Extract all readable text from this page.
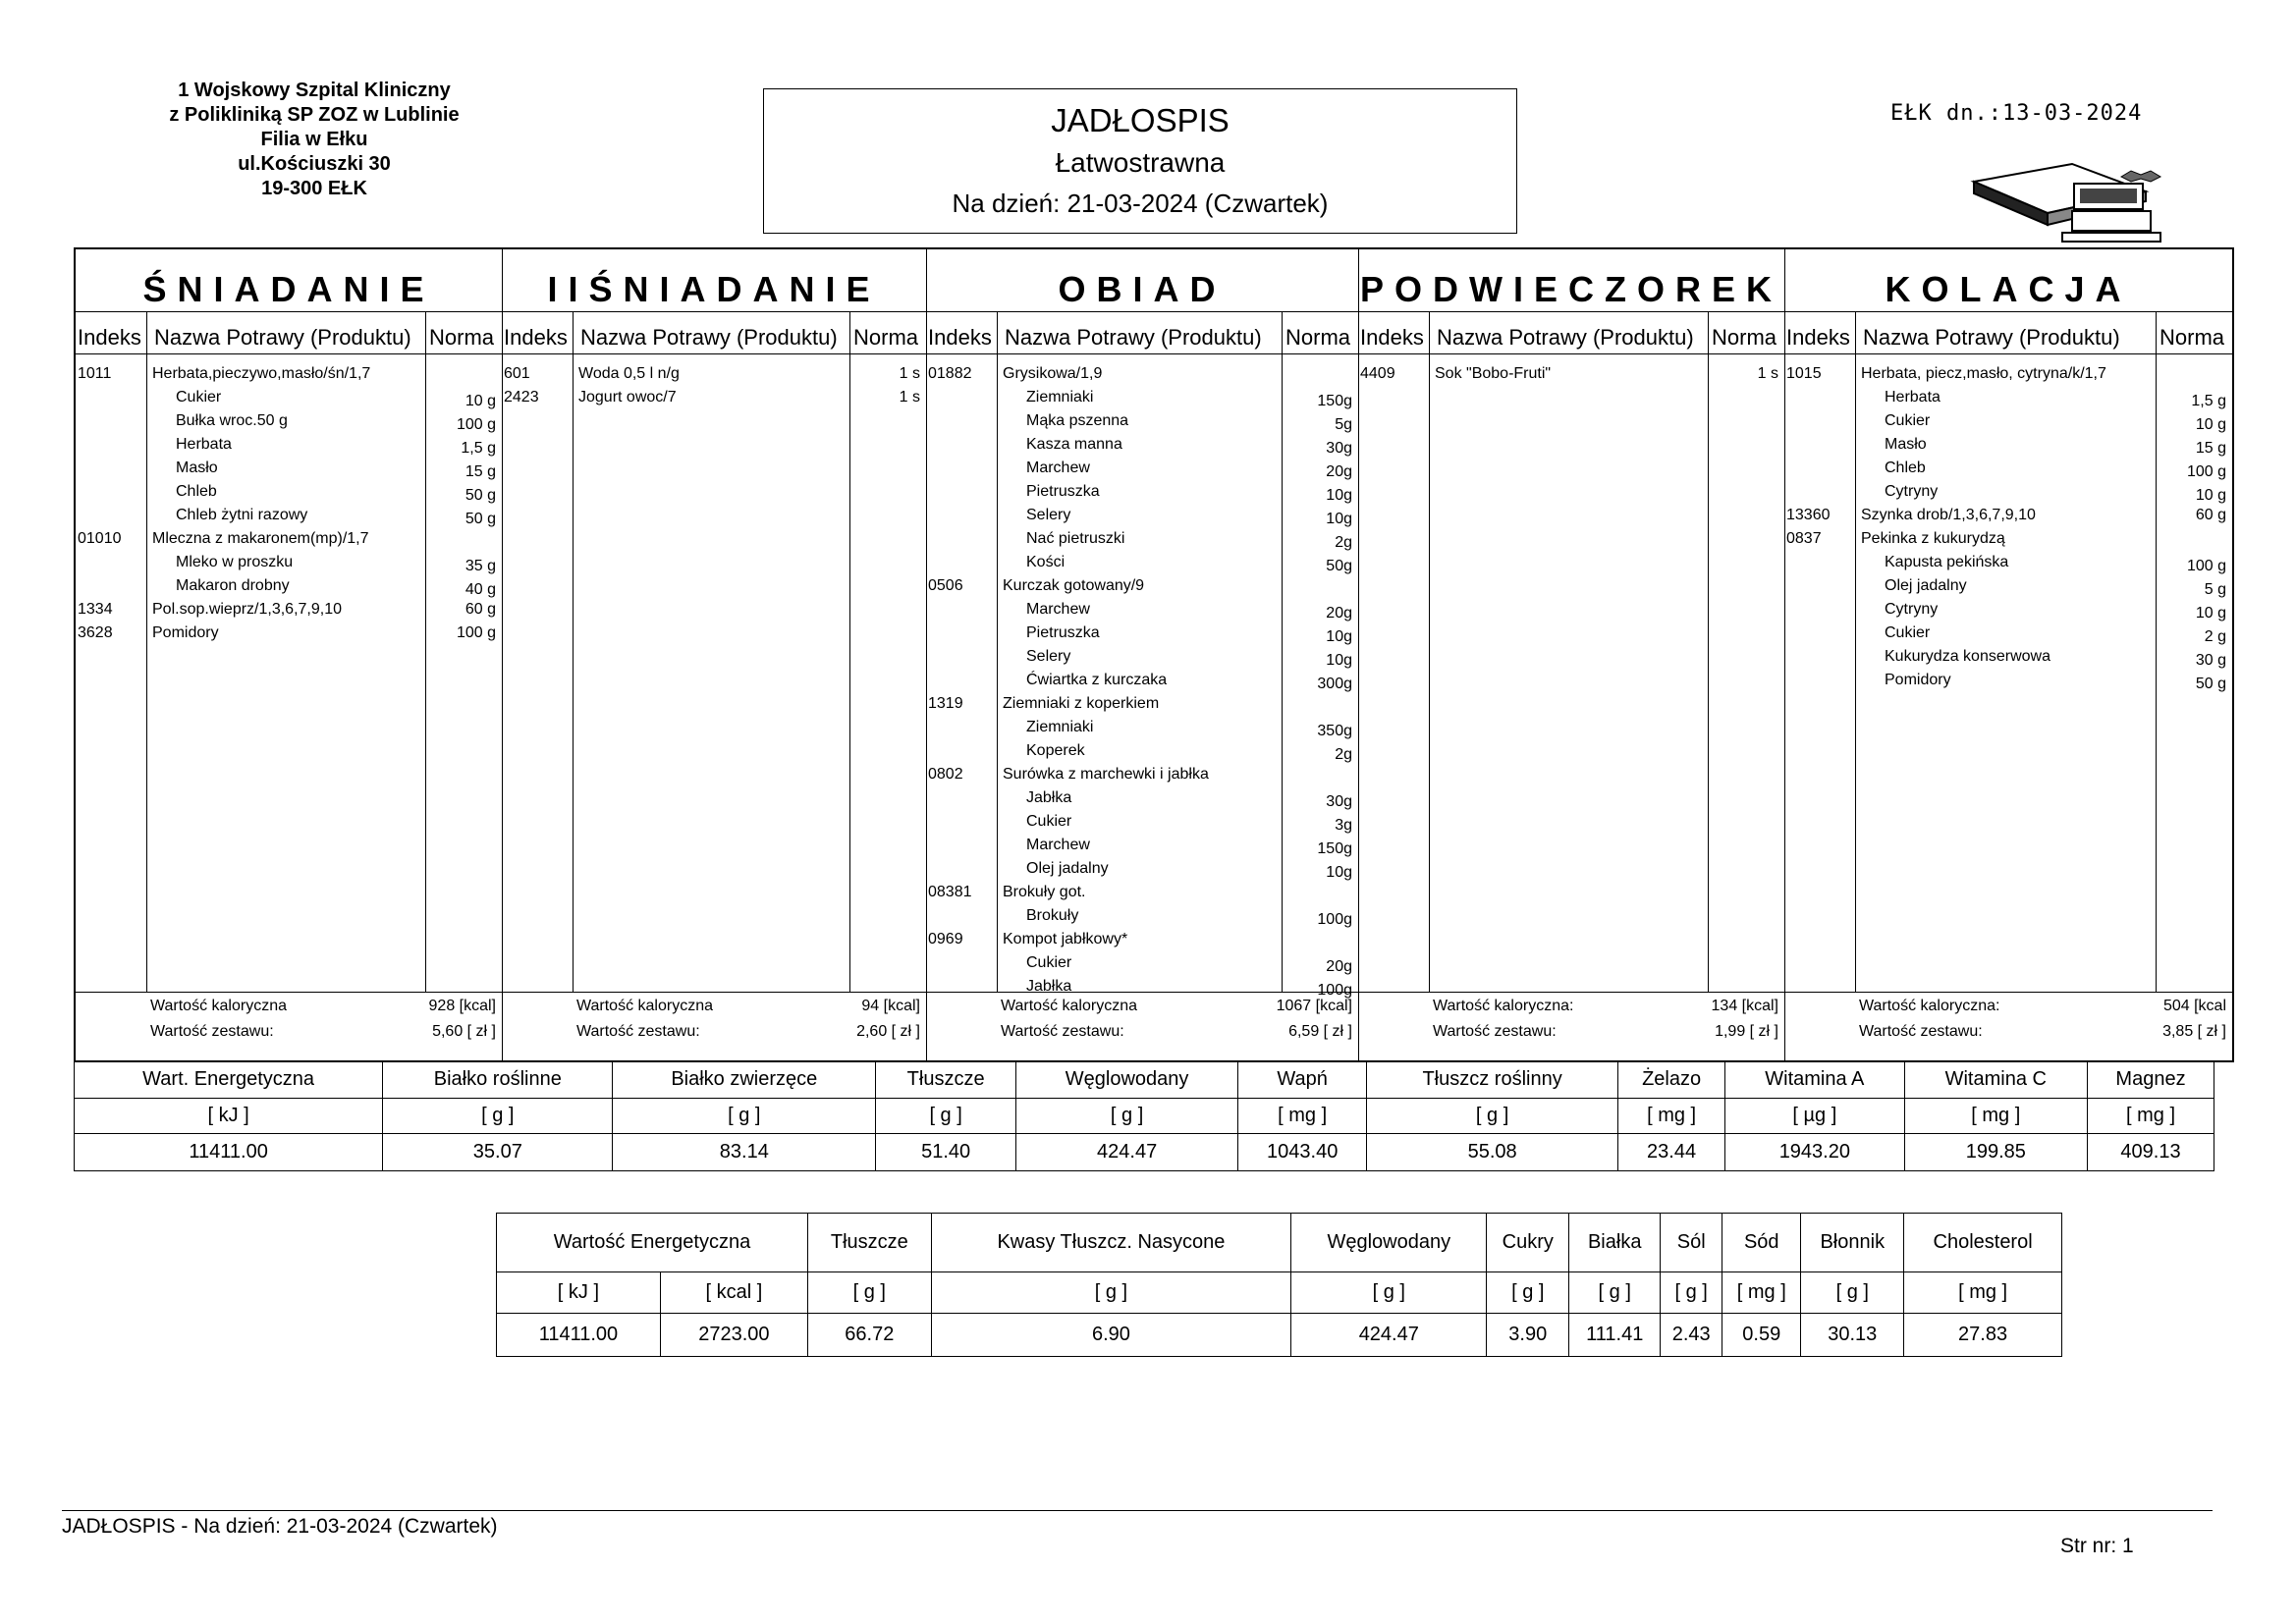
1 Wojskowy Szpital Kliniczny
z Polikliniką SP ZOZ w Lublinie
Filia w Ełku
ul.Kościuszki 30
19-300 EŁK
JADŁOSPIS
Łatwostrawna
Na dzień: 21-03-2024 (Czwartek)
EŁK dn.:13-03-2024
ŚNIADANIE
Indeks Nazwa Potrawy (Produktu) Norma
1011	Herbata,pieczywo,masło/śn/1,7
Cukier	10 g
Bułka wroc.50 g	100 g
Herbata	1,5 g
Masło	15 g
Chleb	50 g
Chleb żytni razowy	50 g
01010 Mleczna z makaronem(mp)/1,7
Mleko w proszku	35 g
Makaron drobny	40 g
1334	Pol.sop.wieprz/1,3,6,7,9,10	60 g
3628	Pomidory	100 g
Wartość kaloryczna	928 [kcal]
Wartość zestawu:	5,60 [ zł ]
IIŚNIADANIE
Indeks Nazwa Potrawy (Produktu) Norma
601	Woda 0,5 l n/g	1 s
2423	Jogurt owoc/7	1 s
Wartość kaloryczna	94 [kcal]
Wartość zestawu:	2,60 [ zł ]
OBIAD
Indeks Nazwa Potrawy (Produktu) Norma
01882 Grysikowa/1,9
Ziemniaki	150g
Mąka pszenna	5g
Kasza manna	30g
Marchew	20g
Pietruszka	10g
Selery	10g
Nać pietruszki	2g
Kości	50g
0506	Kurczak gotowany/9
Marchew	20g
Pietruszka	10g
Selery	10g
Ćwiartka z kurczaka	300g
1319	Ziemniaki z koperkiem
Ziemniaki	350g
Koperek	2g
0802	Surówka z marchewki i jabłka
Jabłka	30g
Cukier	3g
Marchew	150g
Olej jadalny	10g
08381 Brokuły got.
Brokuły	100g
0969	Kompot jabłkowy*
Cukier	20g
Jabłka	100g
Wartość kaloryczna	1067 [kcal]
Wartość zestawu:	6,59 [ zł ]
PODWIECZOREK
Indeks Nazwa Potrawy (Produktu) Norma
4409	Sok "Bobo-Fruti"	1 s
Wartość kaloryczna:	134 [kcal]
Wartość zestawu:	1,99 [ zł ]
KOLACJA
Indeks Nazwa Potrawy (Produktu) Norma
1015	Herbata, piecz,masło, cytryna/k/1,7
Herbata	1,5 g
Cukier	10 g
Masło	15 g
Chleb	100 g
Cytryny	10 g
13360 Szynka drob/1,3,6,7,9,10	60 g
0837	Pekinka z kukurydzą
Kapusta pekińska	100 g
Olej jadalny	5 g
Cytryny	10 g
Cukier	2 g
Kukurydza konserwowa	30 g
Pomidory	50 g
Wartość kaloryczna:	504 [kcal
Wartość zestawu:	3,85 [ zł ]
Wart. Energetyczna	Białko roślinne	Białko zwierzęce	Tłuszcze	Węglowodany	Wapń	Tłuszcz roślinny	Żelazo	Witamina A	Witamina C	Magnez
[ kJ ]	[ g ]	[ g ]	[ g ]	[ g ]	[ mg ]	[ g ]	[ mg ]	[ µg ]	[ mg ]	[ mg ]
11411.00	35.07	83.14	51.40	424.47	1043.40	55.08	23.44	1943.20	199.85	409.13
Wartość Energetyczna		Tłuszcze	Kwasy Tłuszcz. Nasycone	Węglowodany	Cukry	Białka	Sól	Sód	Błonnik	Cholesterol
[ kJ ]	[ kcal ]	[ g ]	[ g ]	[ g ]	[ g ]	[ g ]	[ g ]	[ mg ]	[ g ]	[ mg ]
11411.00	2723.00	66.72	6.90	424.47	3.90	111.41	2.43	0.59	30.13	27.83
JADŁOSPIS - Na dzień: 21-03-2024 (Czwartek)
Str nr: 1
